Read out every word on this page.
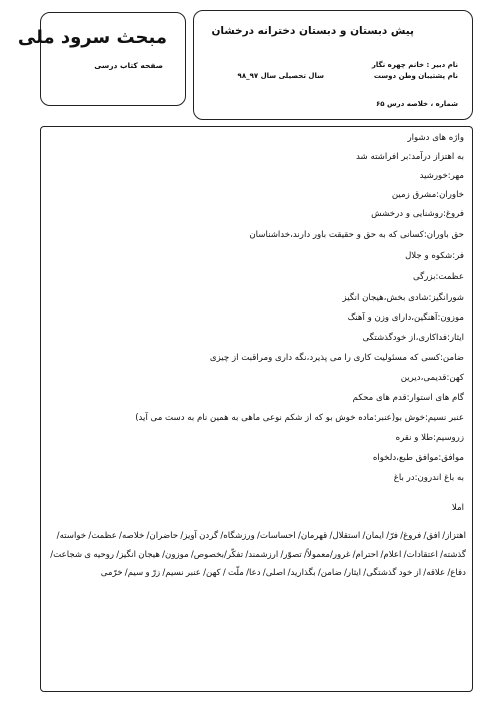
مبحث سرود ملی
صفحه کتاب درسی
پیش دبستان و دبستان دخترانه درخشان
نام دبیر : خانم چهره نگار
نام پشتیبان وطن دوست
سال تحصیلی سال ۹۷_۹۸
شماره ، خلاصه درس ۶۵
واژه های دشوار
به اهتزاز درآمد:بر افراشته شد
مهر:خورشید
خاوران:مشرق زمین
فروغ:روشنایی و درخشش
حق باوران:کسانی که به حق و حقیقت باور دارند،خداشناسان
فر:شکوه و جلال
عظمت:بزرگی
شورانگیز:شادی بخش،هیجان انگیز
موزون:آهنگین،دارای وزن و آهنگ
ایثار:فداکاری،از خودگذشتگی
ضامن:کسی که مسئولیت کاری را می پذیرد،نگه داری ومراقبت از چیزی
کهن:قدیمی،دیرین
گام های استوار:قدم های محکم
عنبر نسیم:خوش بو(عنبر:ماده خوش بو که از شکم نوعی ماهی به همین نام به دست می آید)
زروسیم:طلا و نقره
موافق:موافق طبع،دلخواه
به باغ اندرون:در باغ
املا
اهتزاز/ افق/ فروغ/ فرّ/ ایمان/ استقلال/ قهرمان/ احساسات/ ورزشگاه/ گردن آویز/ حاضران/ خلاصه/ عظمت/ خواسته/ گذشته/ اعتقادات/ اعلام/ احترام/ غرور/معمولاً/ تصوّر/ ارزشمند/ تفکّر/بخصوص/ موزون/ هیجان انگیز/ روحیه ی شجاعت/ دفاع/ علاقه/ از خود گذشتگی/ ایثار/ ضامن/ بگذارید/ اصلی/ دعا/ ملّت / کهن/ عنبر نسیم/ زرّ و سیم/ خرّمی
